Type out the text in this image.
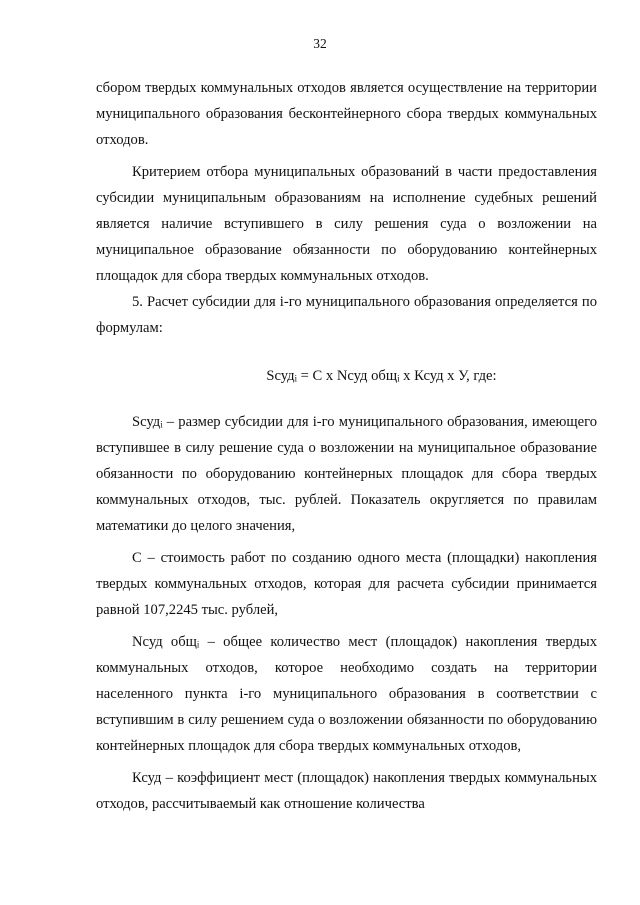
32

сбором твердых коммунальных отходов является осуществление на территории муниципального образования бесконтейнерного сбора твердых коммунальных отходов.

Критерием отбора муниципальных образований в части предоставления субсидии муниципальным образованиям на исполнение судебных решений является наличие вступившего в силу решения суда о возложении на муниципальное образование обязанности по оборудованию контейнерных площадок для сбора твердых коммунальных отходов.

5. Расчет субсидии для i-го муниципального образования определяется по формулам:

Sсудᵢ = С х Nсуд общᵢ х Ксуд х У, где:

Sсудᵢ – размер субсидии для i-го муниципального образования, имеющего вступившее в силу решение суда о возложении на муниципальное образование обязанности по оборудованию контейнерных площадок для сбора твердых коммунальных отходов, тыс. рублей. Показатель округляется по правилам математики до целого значения,

С – стоимость работ по созданию одного места (площадки) накопления твердых коммунальных отходов, которая для расчета субсидии принимается равной 107,2245 тыс. рублей,

Nсуд общᵢ – общее количество мест (площадок) накопления твердых коммунальных отходов, которое необходимо создать на территории населенного пункта i-го муниципального образования в соответствии с вступившим в силу решением суда о возложении обязанности по оборудованию контейнерных площадок для сбора твердых коммунальных отходов,

Ксуд – коэффициент мест (площадок) накопления твердых коммунальных отходов, рассчитываемый как отношение количества
